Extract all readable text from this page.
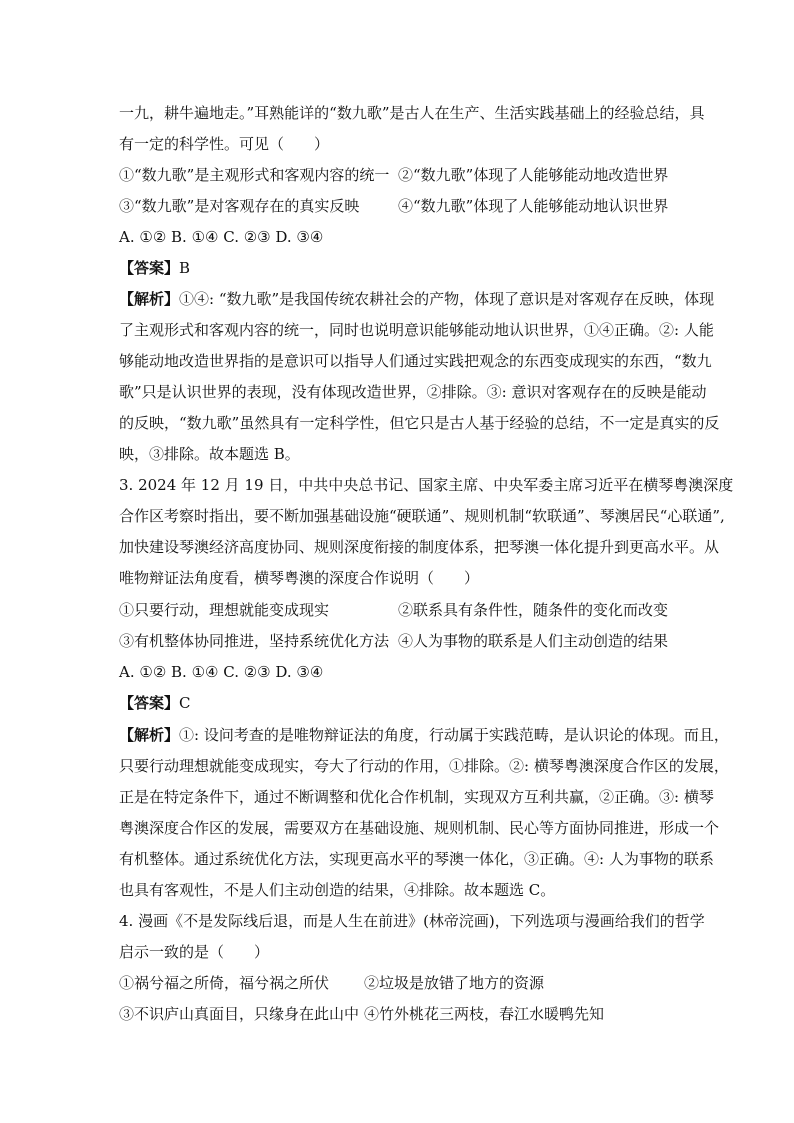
一九，耕牛遍地走。”耳熟能详的“数九歌”是古人在生产、生活实践基础上的经验总结，具
有一定的科学性。可见（　　）
①“数九歌”是主观形式和客观内容的统一 ②“数九歌”体现了人能够能动地改造世界
③“数九歌”是对客观存在的真实反映	④“数九歌”体现了人能够能动地认识世界
A. ①② B. ①④ C. ②③ D. ③④
【答案】B
【解析】①④: “数九歌”是我国传统农耕社会的产物，体现了意识是对客观存在反映，体现
了主观形式和客观内容的统一，同时也说明意识能够能动地认识世界，①④正确。②: 人能
够能动地改造世界指的是意识可以指导人们通过实践把观念的东西变成现实的东西，“数九
歌”只是认识世界的表现，没有体现改造世界，②排除。③: 意识对客观存在的反映是能动
的反映，“数九歌”虽然具有一定科学性，但它只是古人基于经验的总结，不一定是真实的反
映，③排除。故本题选 B。
3. 2024 年 12 月 19 日，中共中央总书记、国家主席、中央军委主席习近平在横琴粤澳深度
合作区考察时指出，要不断加强基础设施“硬联通”、规则机制“软联通”、琴澳居民“心联通”,
加快建设琴澳经济高度协同、规则深度衔接的制度体系，把琴澳一体化提升到更高水平。从
唯物辩证法角度看，横琴粤澳的深度合作说明（　　）
①只要行动，理想就能变成现实	②联系具有条件性，随条件的变化而改变
③有机整体协同推进，坚持系统优化方法 ④人为事物的联系是人们主动创造的结果
A. ①② B. ①④ C. ②③ D. ③④
【答案】C
【解析】①: 设问考查的是唯物辩证法的角度，行动属于实践范畴，是认识论的体现。而且，
只要行动理想就能变成现实，夸大了行动的作用，①排除。②: 横琴粤澳深度合作区的发展，
正是在特定条件下，通过不断调整和优化合作机制，实现双方互利共赢，②正确。③: 横琴
粤澳深度合作区的发展，需要双方在基础设施、规则机制、民心等方面协同推进，形成一个
有机整体。通过系统优化方法，实现更高水平的琴澳一体化，③正确。④: 人为事物的联系
也具有客观性，不是人们主动创造的结果，④排除。故本题选 C。
4. 漫画《不是发际线后退，而是人生在前进》(林帝浣画)，下列选项与漫画给我们的哲学
启示一致的是（　　）
①祸兮福之所倚，福兮祸之所伏 ②垃圾是放错了地方的资源
③不识庐山真面目，只缘身在此山中 ④竹外桃花三两枝，春江水暖鸭先知
